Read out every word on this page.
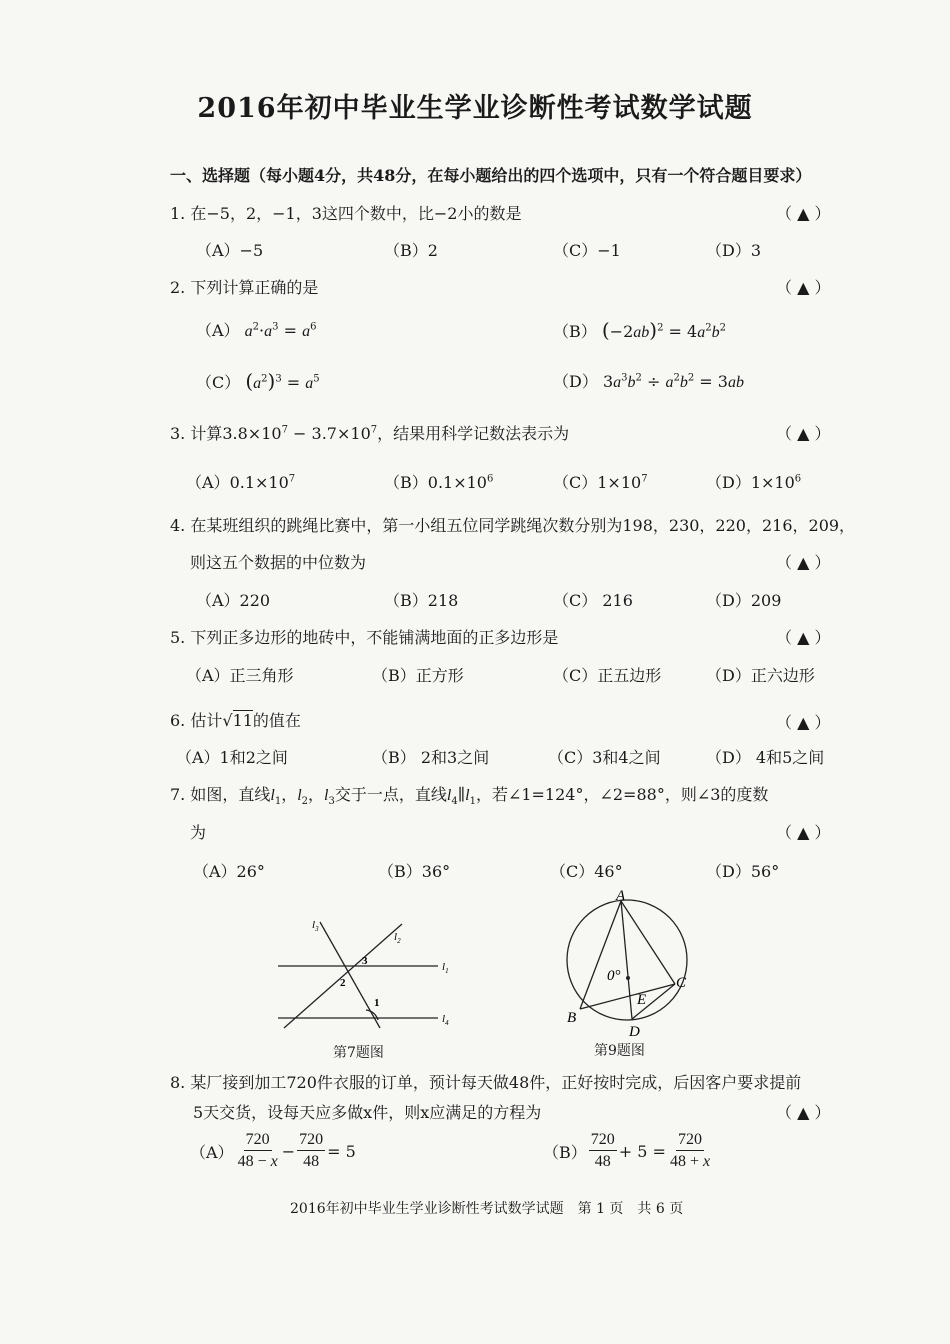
2016年初中毕业生学业诊断性考试数学试题
一、选择题（每小题4分，共48分，在每小题给出的四个选项中，只有一个符合题目要求）
1. 在−5，2，−1，3这四个数中，比−2小的数是	（ ▲ ）
（A）−5	（B）2	（C）−1	（D）3
2. 下列计算正确的是	（ ▲ ）
（A） $a^2\cdot a^3 = a^6$	（B） $(-2ab)^2 = 4a^2b^2$
（C） $(a^2)^3 = a^5$	（D） $3a^3b^2 \div a^2b^2 = 3ab$
3. 计算$3.8\times 10^7 - 3.7\times 10^7$，结果用科学记数法表示为	（ ▲ ）
$(A)0.1\times 10^7$	$(B)0.1\times 10^6$	$(C)1\times 10^7$	$(D)1\times 10^6$
4. 在某班组织的跳绳比赛中，第一小组五位同学跳绳次数分别为198，230，220，216，209，
则这五个数据的中位数为	（ ▲ ）
（A）220	（B）218	（C） 216	（D）209
5. 下列正多边形的地砖中，不能铺满地面的正多边形是	（ ▲ ）
（A）正三角形	（B）正方形	（C）正五边形	（D）正六边形
6. 估计√11的值在	（ ▲ ）
（A）1和2之间	（B） 2和3之间	（C）3和4之间	（D） 4和5之间
7. 如图，直线$l_1$，$l_2$，$l_3$交于一点，直线$l_4\parallel l_1$，若∠1=124°，∠2=88°，则∠3的度数
为	（ ▲ ）
（A）26°	（B）36°	（C）46°	（D）56°
$l_3$
$l_2$
$l_1$
$l_4$
3
2
1
第7题图
A
B
C
D
E
0°
第9题图
8. 某厂接到加工720件衣服的订单，预计每天做48件，正好按时完成，后因客户要求提前
5天交货，设每天应多做x件，则x应满足的方程为	（ ▲ ）
$(A) \frac{720}{48 - x} - \frac{720}{48} = 5$	$(B) \frac{720}{48} + 5 = \frac{720}{48 + x}$
2016年初中毕业生学业诊断性考试数学试题　第 1 页　共 6 页
